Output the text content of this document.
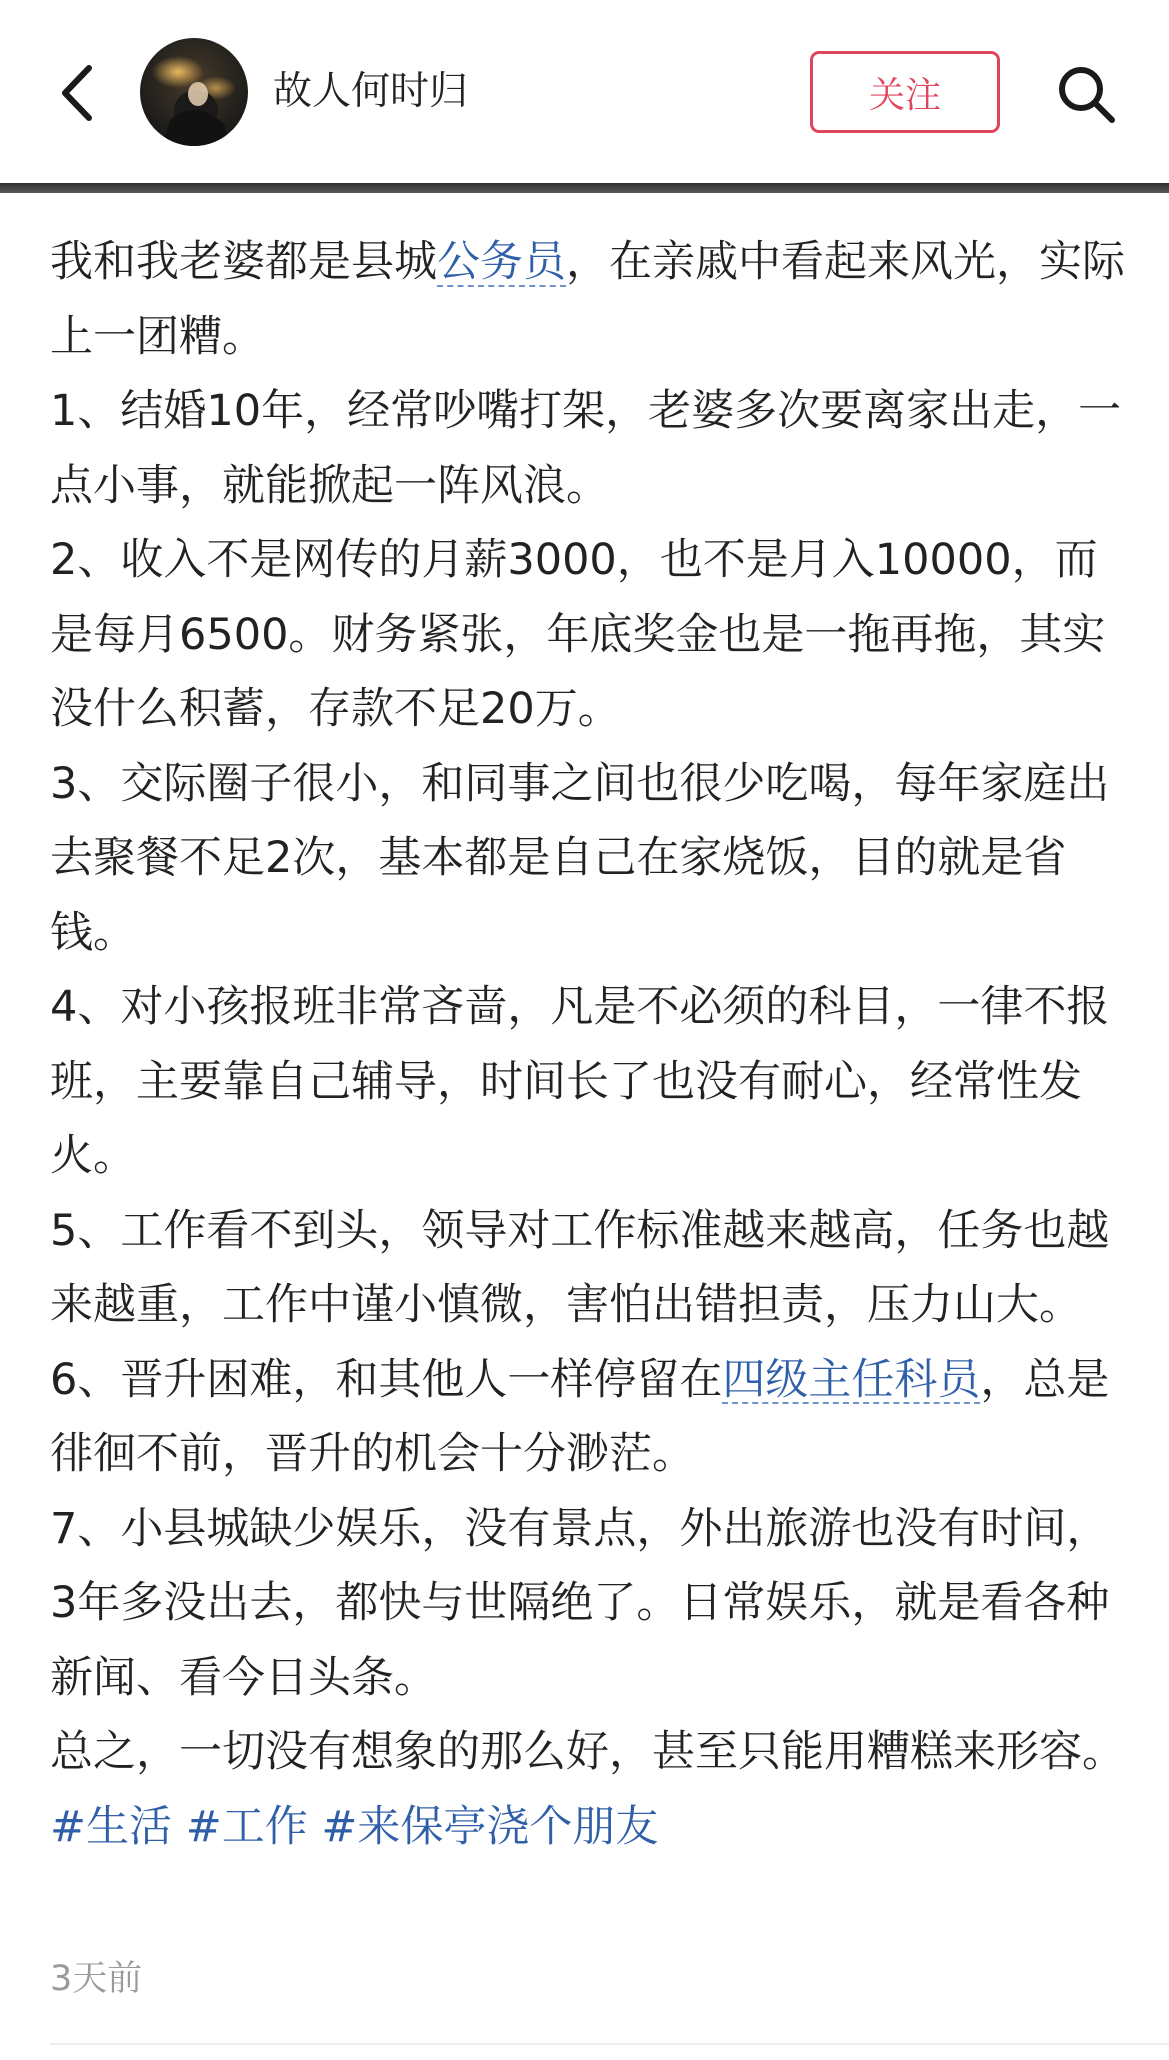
故人何时归	关注

我和我老婆都是县城公务员，在亲戚中看起来风光，实际上一团糟。

1、结婚10年，经常吵嘴打架，老婆多次要离家出走，一点小事，就能掀起一阵风浪。

2、收入不是网传的月薪3000，也不是月入10000，而是每月6500。财务紧张，年底奖金也是一拖再拖，其实没什么积蓄，存款不足20万。

3、交际圈子很小，和同事之间也很少吃喝，每年家庭出去聚餐不足2次，基本都是自己在家烧饭，目的就是省钱。

4、对小孩报班非常吝啬，凡是不必须的科目，一律不报班，主要靠自己辅导，时间长了也没有耐心，经常性发火。

5、工作看不到头，领导对工作标准越来越高，任务也越来越重，工作中谨小慎微，害怕出错担责，压力山大。

6、晋升困难，和其他人一样停留在四级主任科员，总是徘徊不前，晋升的机会十分渺茫。

7、小县城缺少娱乐，没有景点，外出旅游也没有时间，3年多没出去，都快与世隔绝了。日常娱乐，就是看各种新闻、看今日头条。

总之，一切没有想象的那么好，甚至只能用糟糕来形容。#生活 #工作 #来保亭浇个朋友

3天前
